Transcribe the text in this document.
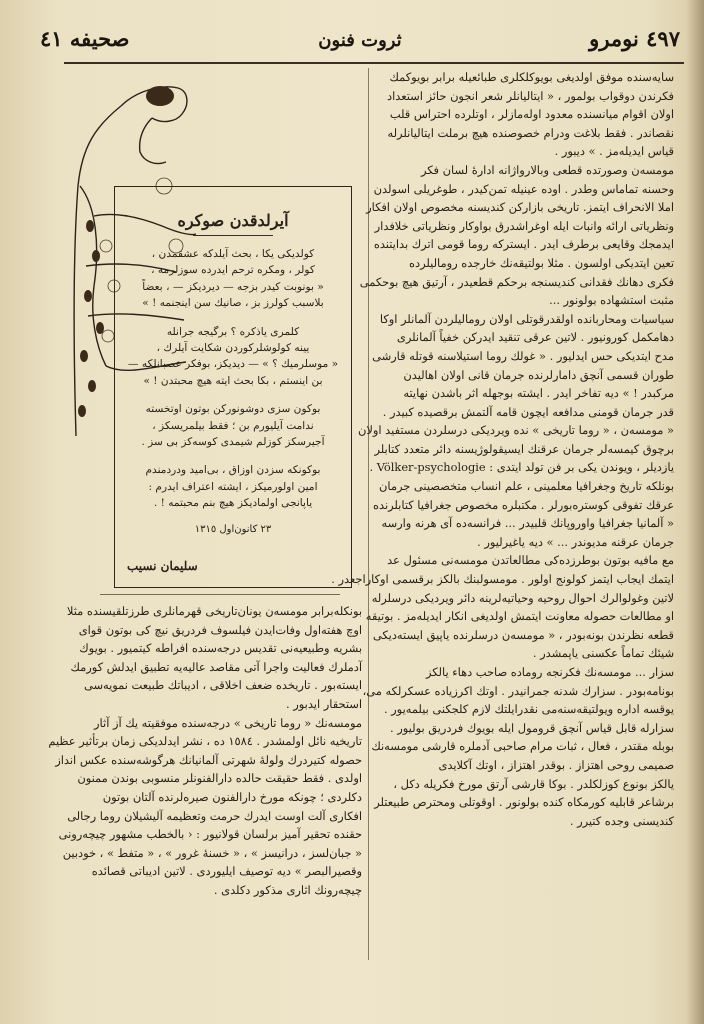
٤٩٧ نومرو
ثروت فنون
صحيفه ٤١
آيرلدقدن صوكره
كولديكى يكا ، بحث آيلدكه عشقمدن ،
كولر ، ومكره ترحم ايدرده سوزلرمه ،
« بونوبت كيدر بزجه — ديرديكز — ، بعضاً
بلاسبب كولرز بز ، صانيك سن اينجنمه ! »
كلمرى ياذكره ؟ برگيجه جرانله
يينه كولوشلركوردن شكايت آيلرك ،
« موسلرميك ؟ » — ديديكز، بوفكر عصبانلكه —
بن اينستم ، بكا بحث ايته هيچ محبتدن ! »
بوكون سزى دوشونوركن بوتون اوتخسته
ندامت آيليورم بن ؛ فقط بيلمريسكز ،
آجيرسكز كوزلم شيمدى كوسه‌كز بى سز .
بوكونكه سزدن اوزاق ، بى‌اميد ودردمندم
امين اولورميكز ، ايشته اعتراف ايدرم :
ياپانجى اولماديكز هيچ بنم محبتمه ! .
٢٣ كانون‌اول ١٣١٥
سليمان نسيب

سايه‌سنده موفق اولديغى بويوكلكلرى طبائعيله برابر بويوكمك

فكرندن دوقواب بولمور ، « ايتاليانلر شعر انجون حائز استعداد

اولان اقوام ميانسنده معدود اوله‌مازلر ، اوتلرده احتراس قلب

نقصاندر . فقط بلاغت ودرام خصوصنده هيچ برملت ايتاليانلرله

قياس ايديله‌مز . » ديبور .

مومسه‌ن وصورتده قطعى وبالارواژانه ادارهٔ لسان فكر

وحسنه تماماس وطدر . اوده عينيله تمن‌كيدر ، طوغريلى اسولدن

املا الانحراف ايتمز. تاريخى بازاركن كنديسنه مخصوص اولان افكار

ونظرياتى ارائه وانبات ايله اوغراشدرق بواوكار ونظرياتى خلافدار

ايدمجك وقايعى برطرف ايدر . ايستركه روما قومى اترك بدايتنده

تعين ايتديكى اولسون . مثلا بولتيقه‌نك خارجده روماليلرده

فكرى دهانك فقدانى كنديسنجه برحكم قطعيدر ، آرتيق هيچ بوحكمى

مثبت استشهاده بولونور ...

سياسيات ومحاربانده اولقدرقوتلى اولان روماليلردن آلمانلر اوكا

دهامكمل كورونيور . لاتين عرقى تنقيد ايدركن خفياً آلمانلرى

مدح ايتديكى حس ايدليور . « غولك روما استيلاسنه قوتله قارشى

طوران قسمى آنچق دامارلرنده جرمان قانى اولان اهاليدن

مركبدر ! » ديه تفاخر ايدر . ايشته بوجهله اثر باشدن نهايته

قدر جرمان قومنى مدافعه ايچون قامه آلتمش برقصيده كبيدر .

« مومسه‌ن ، « روما تاريخى » نده ويرديكى درسلردن مستفيد اولان

برچوق كيمسه‌لر جرمان عرقنك ايسيقولوژيسنه دائر متعدد كتابلر

يازديلر ، ويوندن يكى بر فن تولد ايتدى : Völker-psychologie .

بونلكه تاريخ وجغرافيا معلمينى ، علم انساب متخصصينى جرمان

عرقك تفوقى كوستره‌بورلر . مكتبلره مخصوص جغرافيا كتابلرنده

« آلمانيا جغرافيا واوروپانك قلبيدر ... فرانسه‌ده آى هرنه وارسه

جرمان عرقنه مديوندر ... » ديه ياغيرليور .

مع مافيه بوتون بوطرزده‌كى مطالعاتدن مومسه‌نى مسئول عد

ايتمك ايجاب ايتمز كولونج اولور . مومسولبنك بالكز برقسمى اوكاراجعدر .

لاتين وغولوالرك احوال روحيه وحياتيه‌لرينه دائر ويرديكى درسلرله

او مطالعات حصوله معاونت ايتمش اولديغى انكار ايديله‌مز . بوتيقه

قطعه نظرندن بونه‌بودر ، « مومسه‌ن درسلرنده ياپيق ايسته‌ديكى

شيئك تماماً عكسنى ياپمشدر .

سزار ... مومسه‌نك فكرنجه روماده صاحب دهاء يالكز

بونامه‌بودر . سزارك شدنه جمرانيدر . اوتك اكرزياده عسكرلكه مى،

يوقسه اداره ويولتيقه‌سنه‌مى نقدرايلتك لازم كلجكنى بيلمه‌يور .

سزارله قابل قياس آنچق قرومول ايله بويوك فردريق بوليور .

بوبله مقتدر ، فعال ، ثبات مرام صاحبى آدملره قارشى مومسه‌نك

صميمى روحى اهتزاز . بوقدر اهتزاز ، اوتك آكلايدى

يالكز بونوع كوزلكلدر . بوكا قارشى آرتق مورخ فكريله دكل ،

برشاعر قابليه كورمكاه كنده بولونور . اوقوتلى ومحترص طبيعتلر

كنديسنى وجده كتيرر .

بونكله‌برابر مومسه‌ن يونان‌تاريخى قهرمانلرى طرزتلقيسنده مثلا

اوچ هفته‌اول وفات‌ايدن فيلسوف فردريق نيچ كى بوتون قواى

بشريه وطبيعيه‌نى تقديس درجه‌سنده افراطه كيتميور . بويوك

آدملرك فعاليت واجرا آتى مقاصد عاليه‌يه تطبيق ايدلش كورمك

ايسته‌بور . تاريخده ضعف اخلاقى ، اديباتك طبيعت نمويه‌سى

استحقار ايدبور .

مومسه‌نك « روما تاريخى » درجه‌سنده موفقيته يك آز آثار

تاريخيه نائل اولمشدر . ١٥٨٤ ده ، نشر ايدلديكى زمان برتأثير عظيم

حصوله كتيردرك ولوله‌ٔ شهرتى آلمانيانك هرگوشه‌سنده عكس انداز

اولدى . فقط حقيقت حالده دارالفنونلر منسوبى بوندن ممنون

دكلردى ؛ چونكه مورخ دارالفنون صيره‌لرنده آلتان بوتون

افكارى آلت اوست ايدرك حرمت وتعظيمه آليشيلان روما رجالى

حقنده تحقير آميز برلسان قولانيور : ‹ بالخطب مشهور چيچه‌رونى

« جبان‌لسز ، درانيسز » ، « خسنهٔ غرور » ، « متفط » ، خودبين

وقصيرالبصر » ديه توصيف ايليوردى . لاتين اديباتى قصائده

چيچه‌رونك اثارى مذكور دكلدى .
